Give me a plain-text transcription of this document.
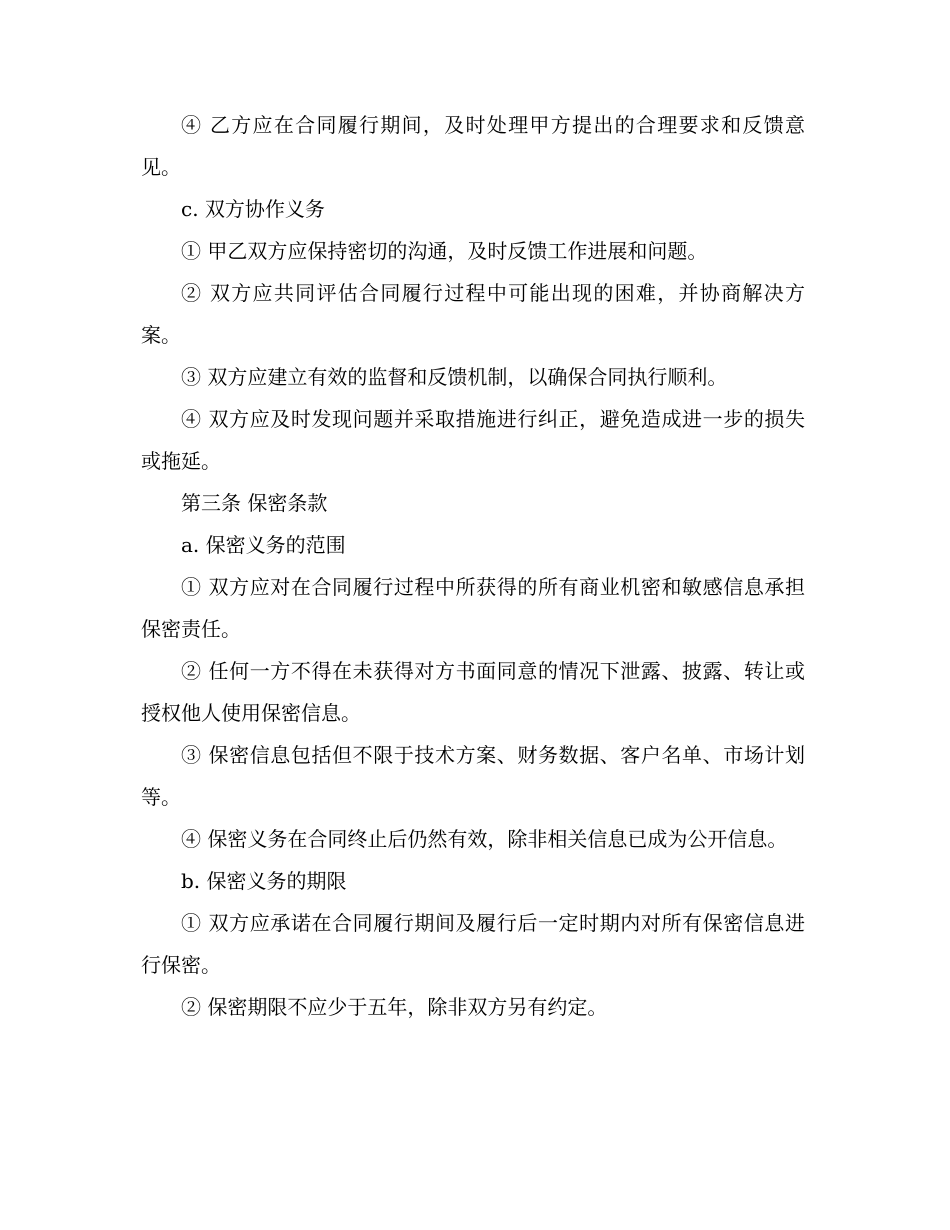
④ 乙方应在合同履行期间，及时处理甲方提出的合理要求和反馈意见。

c. 双方协作义务

① 甲乙双方应保持密切的沟通，及时反馈工作进展和问题。

② 双方应共同评估合同履行过程中可能出现的困难，并协商解决方案。

③ 双方应建立有效的监督和反馈机制，以确保合同执行顺利。

④ 双方应及时发现问题并采取措施进行纠正，避免造成进一步的损失或拖延。

第三条 保密条款

a. 保密义务的范围

① 双方应对在合同履行过程中所获得的所有商业机密和敏感信息承担保密责任。

② 任何一方不得在未获得对方书面同意的情况下泄露、披露、转让或授权他人使用保密信息。

③ 保密信息包括但不限于技术方案、财务数据、客户名单、市场计划等。

④ 保密义务在合同终止后仍然有效，除非相关信息已成为公开信息。

b. 保密义务的期限

① 双方应承诺在合同履行期间及履行后一定时期内对所有保密信息进行保密。

② 保密期限不应少于五年，除非双方另有约定。
